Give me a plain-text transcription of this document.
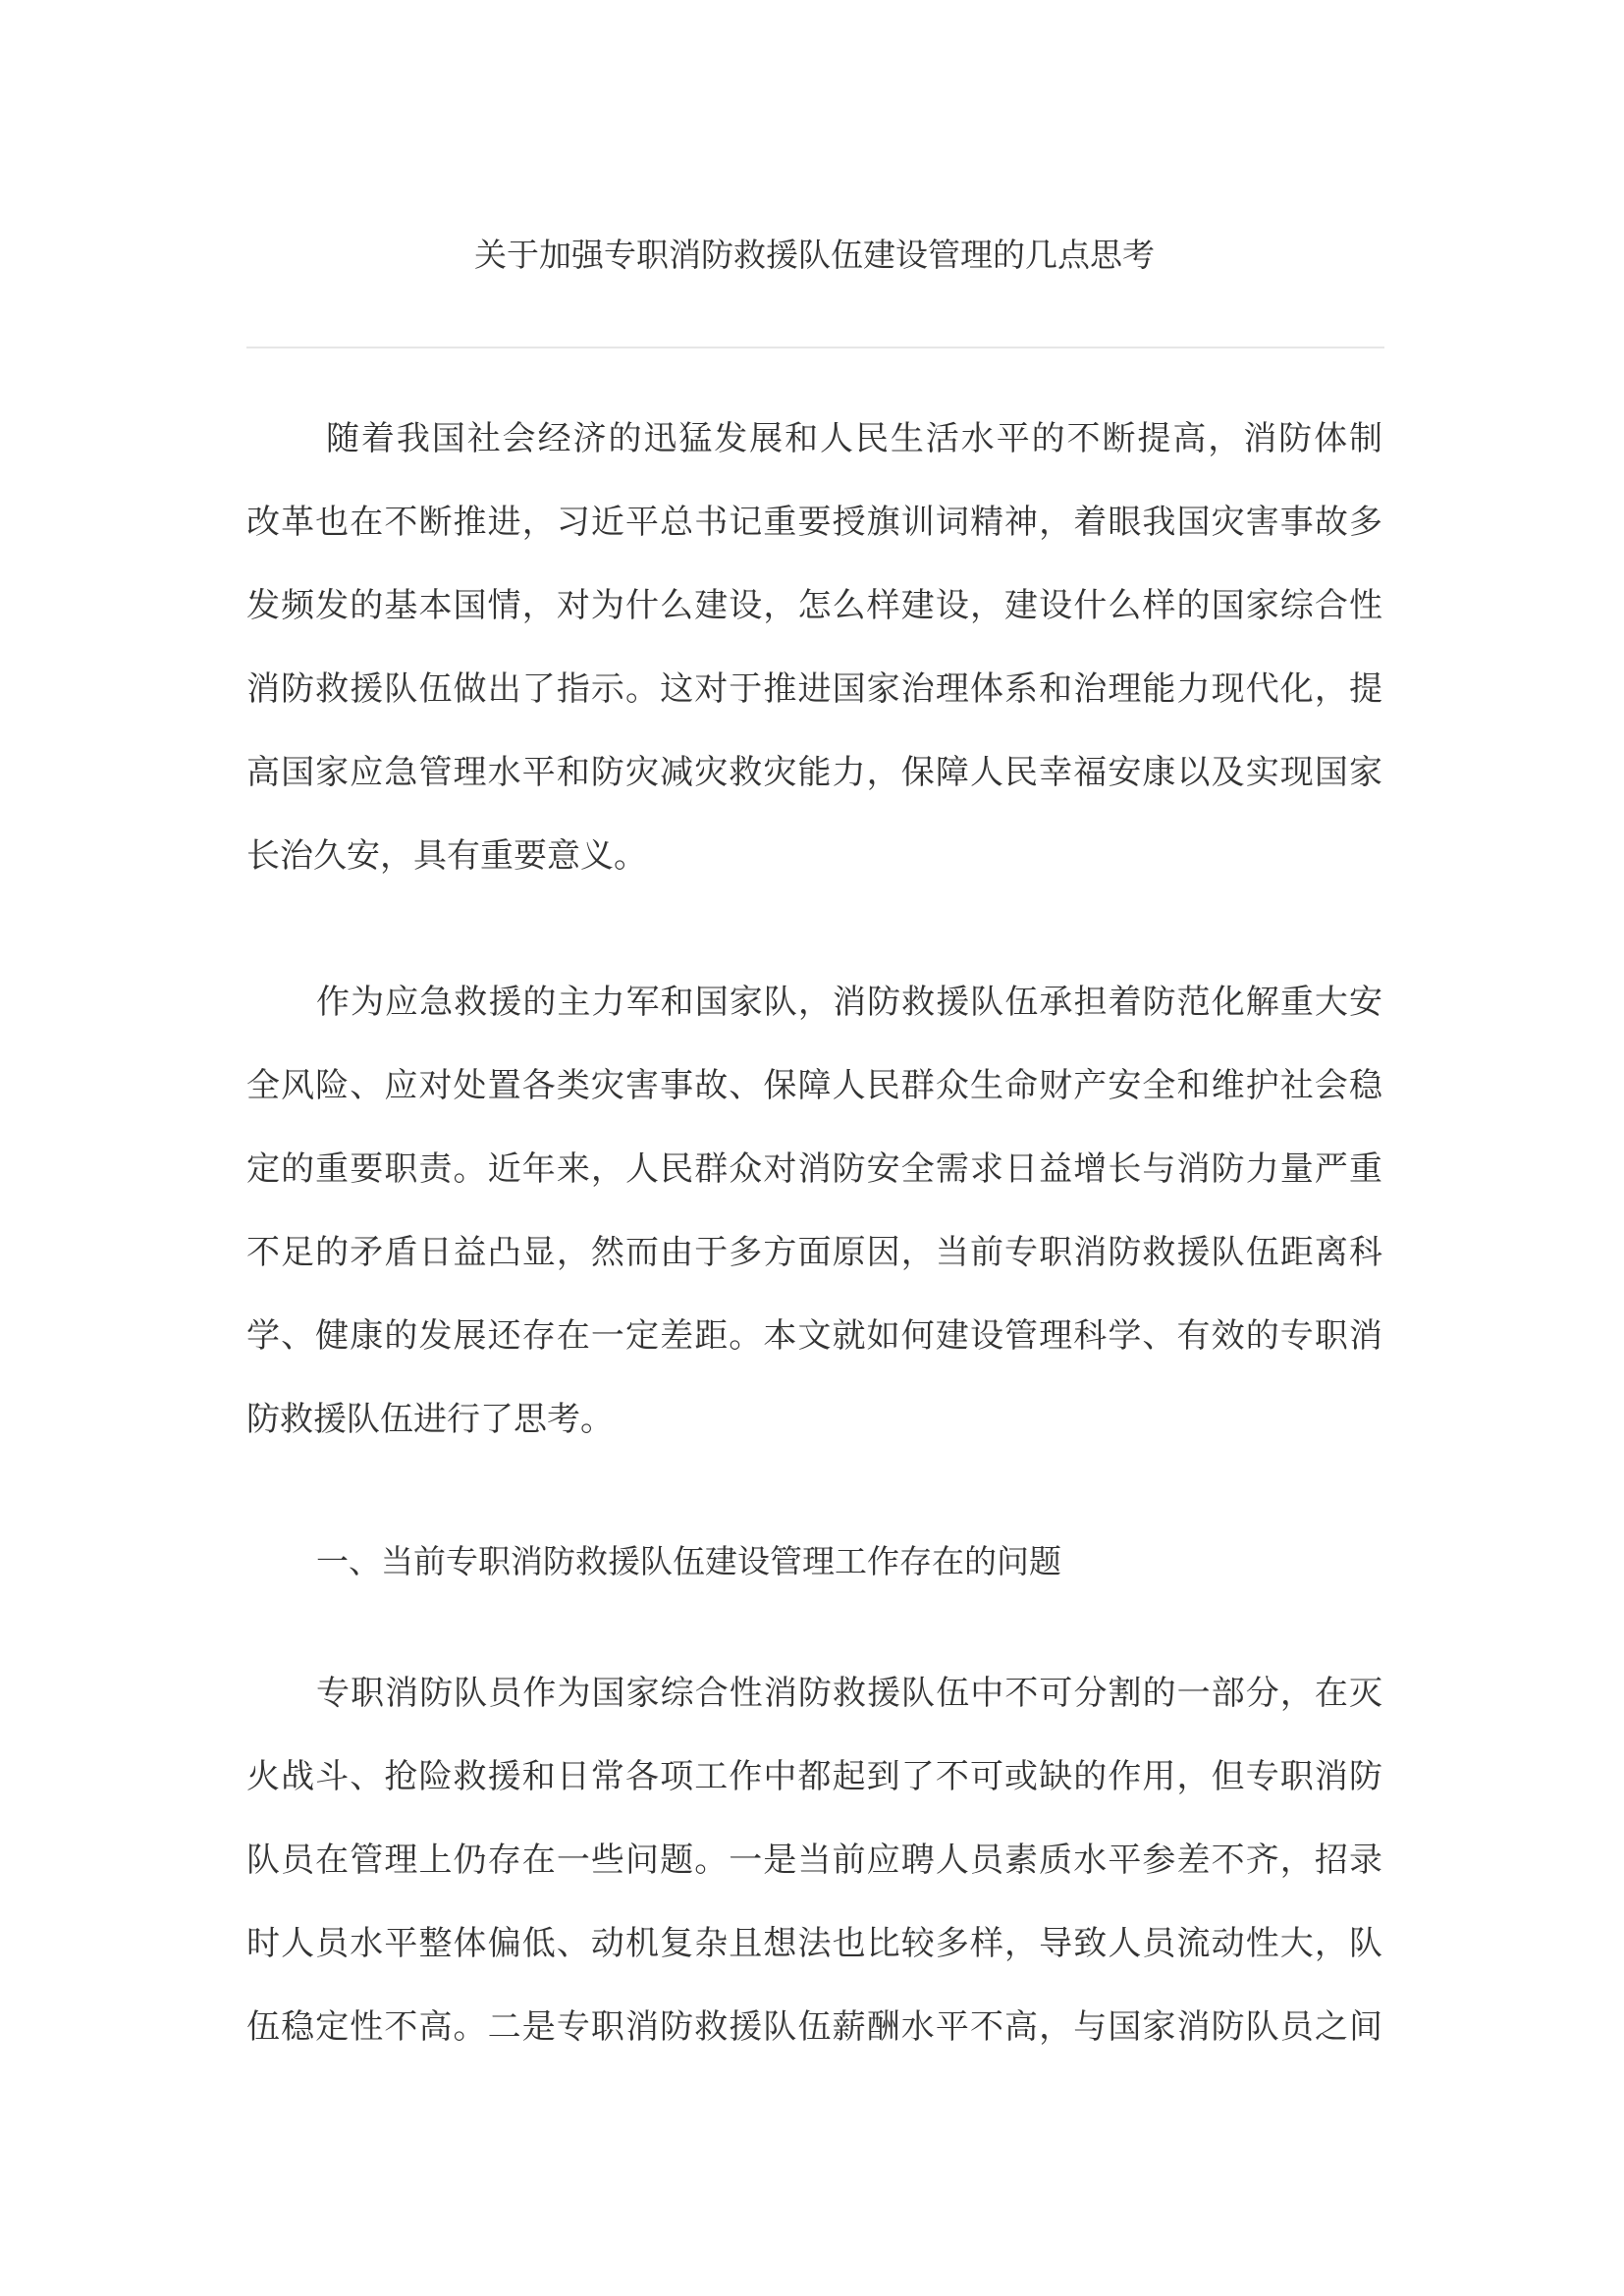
关于加强专职消防救援队伍建设管理的几点思考
随着我国社会经济的迅猛发展和人民生活水平的不断提高，消防体制
改革也在不断推进，习近平总书记重要授旗训词精神，着眼我国灾害事故多
发频发的基本国情，对为什么建设，怎么样建设，建设什么样的国家综合性
消防救援队伍做出了指示。这对于推进国家治理体系和治理能力现代化，提
高国家应急管理水平和防灾减灾救灾能力，保障人民幸福安康以及实现国家
长治久安，具有重要意义。
作为应急救援的主力军和国家队，消防救援队伍承担着防范化解重大安
全风险、应对处置各类灾害事故、保障人民群众生命财产安全和维护社会稳
定的重要职责。近年来，人民群众对消防安全需求日益增长与消防力量严重
不足的矛盾日益凸显，然而由于多方面原因，当前专职消防救援队伍距离科
学、健康的发展还存在一定差距。本文就如何建设管理科学、有效的专职消
防救援队伍进行了思考。
一、当前专职消防救援队伍建设管理工作存在的问题
专职消防队员作为国家综合性消防救援队伍中不可分割的一部分，在灭
火战斗、抢险救援和日常各项工作中都起到了不可或缺的作用，但专职消防
队员在管理上仍存在一些问题。一是当前应聘人员素质水平参差不齐，招录
时人员水平整体偏低、动机复杂且想法也比较多样，导致人员流动性大，队
伍稳定性不高。二是专职消防救援队伍薪酬水平不高，与国家消防队员之间
